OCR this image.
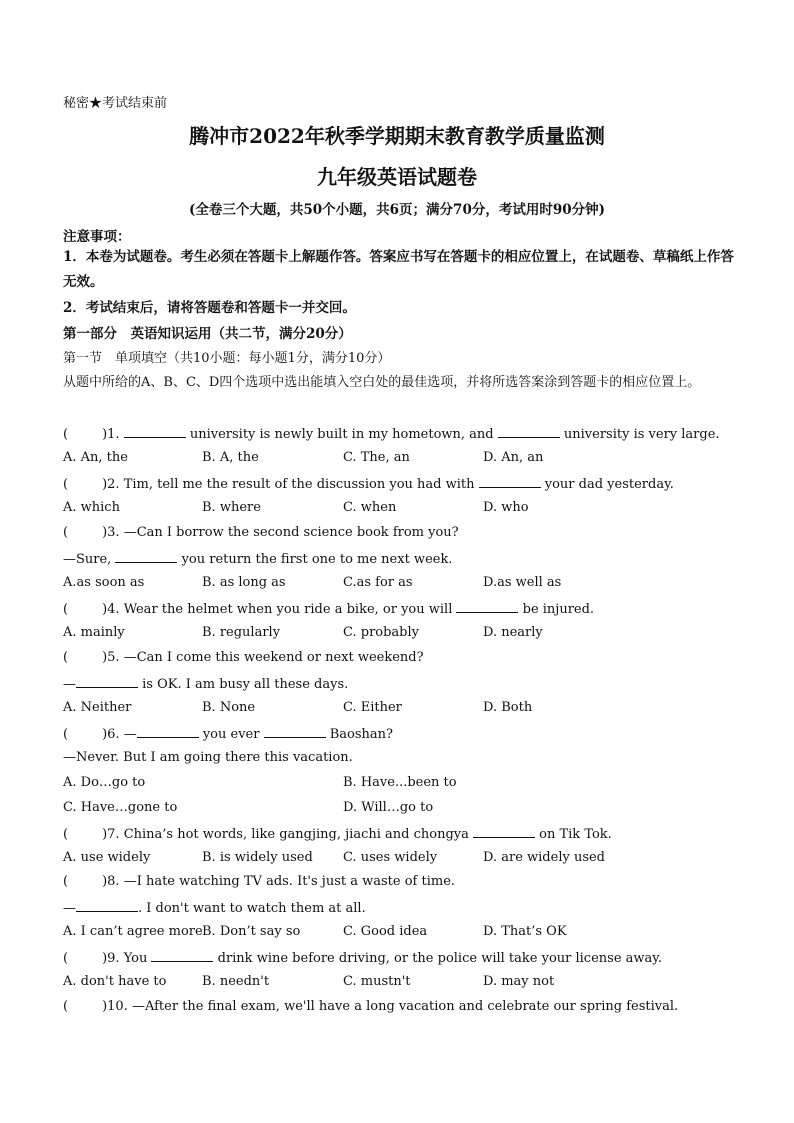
秘密★考试结束前
腾冲市2022年秋季学期期末教育教学质量监测
九年级英语试题卷
(全卷三个大题，共50个小题，共6页；满分70分，考试用时90分钟)
注意事项：
1．本卷为试题卷。考生必须在答题卡上解题作答。答案应书写在答题卡的相应位置上，在试题卷、草稿纸上作答无效。
2．考试结束后，请将答题卷和答题卡一并交回。
第一部分　英语知识运用（共二节，满分20分）
第一节　单项填空（共10小题：每小题1分，满分10分）
从题中所给的A、B、C、D四个选项中选出能填入空白处的最佳选项，并将所选答案涂到答题卡的相应位置上。
(	)1.	university is newly built in my hometown, and	university is very large.
A. An, the	B. A, the	C. The, an	D. An, an
(	)2. Tim, tell me the result of the discussion you had with	your dad yesterday.
A. which	B. where	C. when	D. who
(	)3. —Can I borrow the second science book from you?
—Sure,	you return the first one to me next week.
A.as soon as	B. as long as	C.as for as	D.as well as
(	)4. Wear the helmet when you ride a bike, or you will	be injured.
A. mainly	B. regularly	C. probably	D. nearly
(	)5. —Can I come this weekend or next weekend?
—	is OK. I am busy all these days.
A. Neither	B. None	C. Either	D. Both
(	)6. —	you ever	Baoshan?
—Never. But I am going there this vacation.
A. Do…go to	B. Have...been to
C. Have…gone to	D. Will…go to
(	)7. China’s hot words, like gangjing, jiachi and chongya	on Tik Tok.
A. use widely	B. is widely used C. uses widely	D. are widely used
(	)8. —I hate watching TV ads. It's just a waste of time.
—	. I don't want to watch them at all.
A. I can’t agree more B. Don’t say so	C. Good idea	D. That’s OK
(	)9. You	drink wine before driving, or the police will take your license away.
A. don't have to	B. needn't	C. mustn't	D. may not
(	)10. —After the final exam, we'll have a long vacation and celebrate our spring festival.
